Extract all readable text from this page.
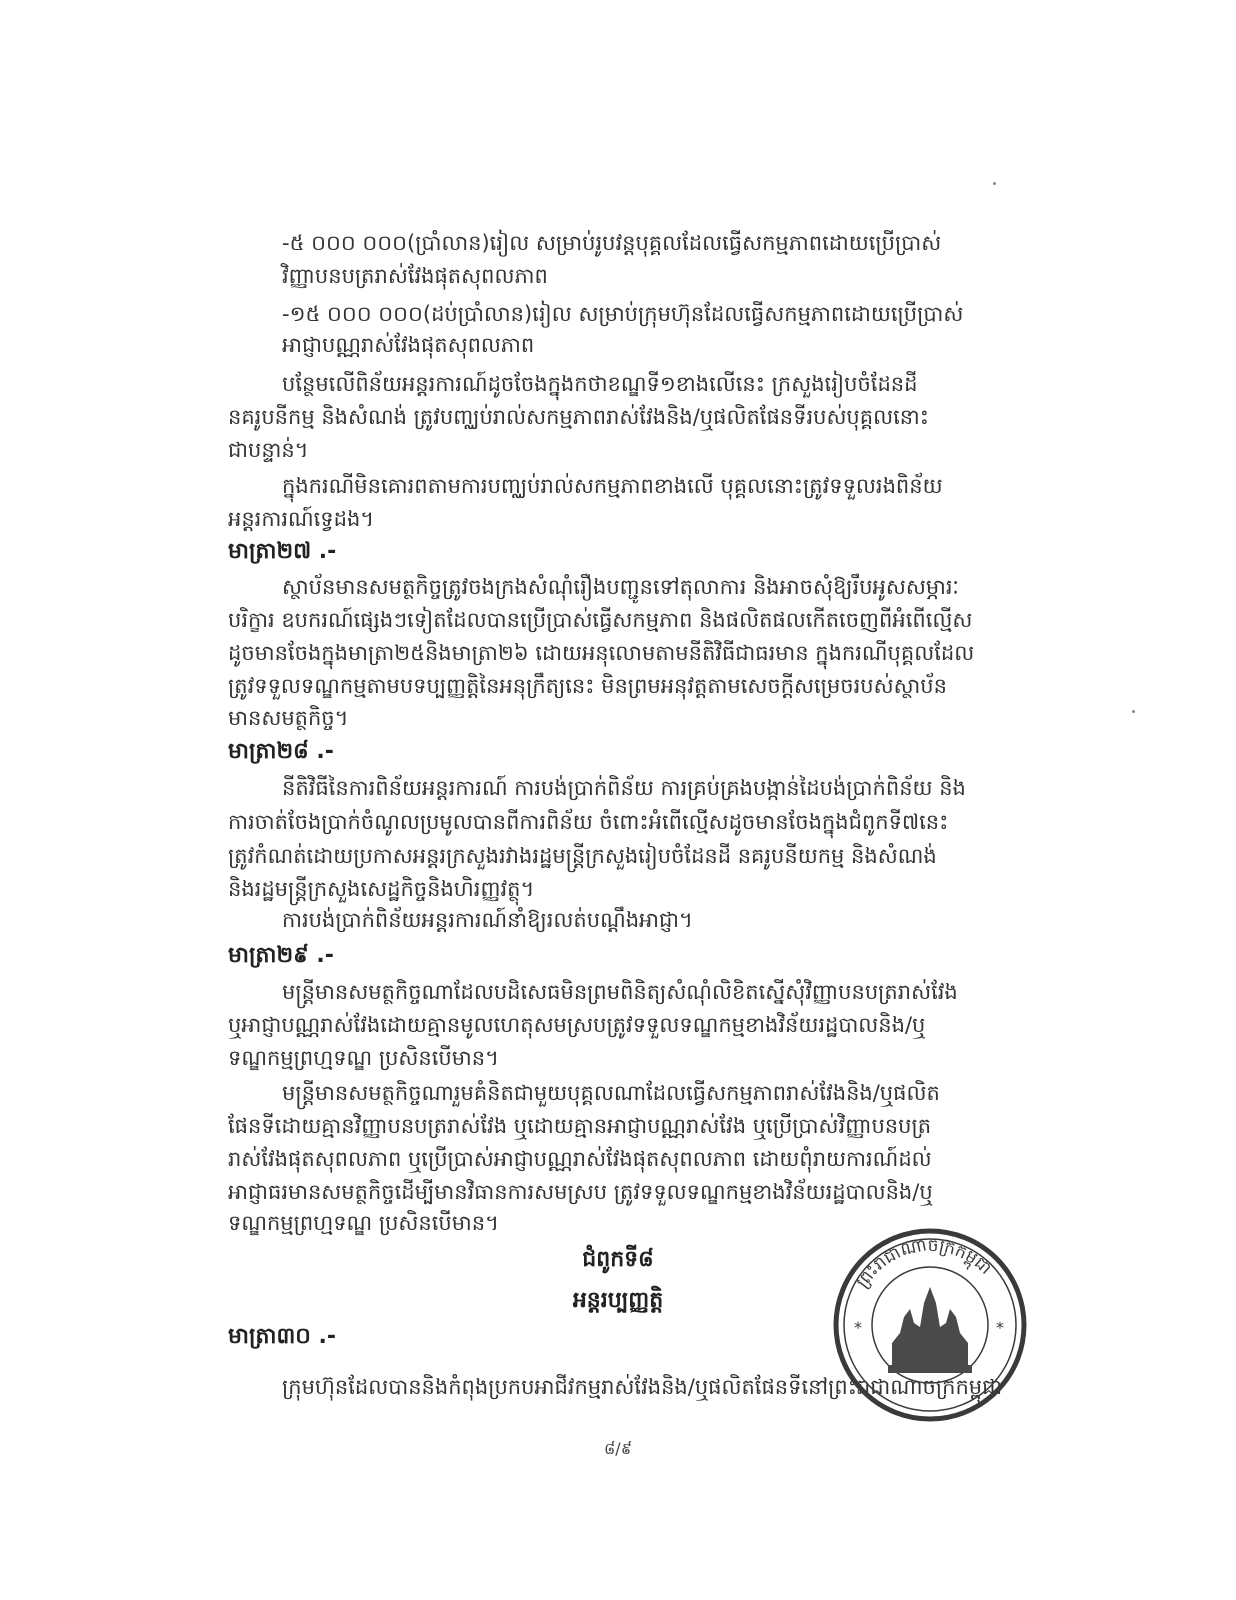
-៥ ០០០ ០០០(ប្រាំលាន)រៀល សម្រាប់រូបវន្តបុគ្គលដែលធ្វើសកម្មភាពដោយប្រើប្រាស់
វិញ្ញាបនបត្ររាស់វែងផុតសុពលភាព
-១៥ ០០០ ០០០(ដប់ប្រាំលាន)រៀល សម្រាប់ក្រុមហ៊ុនដែលធ្វើសកម្មភាពដោយប្រើប្រាស់
អាជ្ញាបណ្ណរាស់វែងផុតសុពលភាព
បន្ថែមលើពិន័យអន្តរការណ៍ដូចចែងក្នុងកថាខណ្ឌទី១ខាងលើនេះ ក្រសួងរៀបចំដែនដី
នគរូបនីកម្ម និងសំណង់ ត្រូវបញ្ឈប់រាល់សកម្មភាពរាស់វែងនិង/ឬផលិតផែនទីរបស់បុគ្គលនោះ
ជាបន្ទាន់។
ក្នុងករណីមិនគោរពតាមការបញ្ឈប់រាល់សកម្មភាពខាងលើ បុគ្គលនោះត្រូវទទួលរងពិន័យ
អន្តរការណ៍ទ្វេដង។
មាត្រា២៧ .-
ស្ថាប័នមានសមត្ថកិច្ចត្រូវចងក្រងសំណុំរឿងបញ្ជូនទៅតុលាការ និងអាចសុំឱ្យរឹបអូសសម្ភារៈ
បរិក្ខារ ឧបករណ៍ផ្សេងៗទៀតដែលបានប្រើប្រាស់ធ្វើសកម្មភាព និងផលិតផលកើតចេញពីអំពើល្មើស
ដូចមានចែងក្នុងមាត្រា២៥និងមាត្រា២៦ ដោយអនុលោមតាមនីតិវិធីជាធរមាន ក្នុងករណីបុគ្គលដែល
ត្រូវទទួលទណ្ឌកម្មតាមបទប្បញ្ញត្តិនៃអនុក្រឹត្យនេះ មិនព្រមអនុវត្តតាមសេចក្តីសម្រេចរបស់ស្ថាប័ន
មានសមត្ថកិច្ច។
មាត្រា២៨ .-
នីតិវិធីនៃការពិន័យអន្តរការណ៍ ការបង់ប្រាក់ពិន័យ ការគ្រប់គ្រងបង្កាន់ដៃបង់ប្រាក់ពិន័យ និង
ការចាត់ចែងប្រាក់ចំណូលប្រមូលបានពីការពិន័យ ចំពោះអំពើល្មើសដូចមានចែងក្នុងជំពូកទី៧នេះ
ត្រូវកំណត់ដោយប្រកាសអន្តរក្រសួងរវាងរដ្ឋមន្ត្រីក្រសួងរៀបចំដែនដី នគរូបនីយកម្ម និងសំណង់
និងរដ្ឋមន្ត្រីក្រសួងសេដ្ឋកិច្ចនិងហិរញ្ញវត្ថុ។
ការបង់ប្រាក់ពិន័យអន្តរការណ៍នាំឱ្យរលត់បណ្តឹងអាជ្ញា។
មាត្រា២៩ .-
មន្ត្រីមានសមត្ថកិច្ចណាដែលបដិសេធមិនព្រមពិនិត្យសំណុំលិខិតស្នើសុំវិញ្ញាបនបត្ររាស់វែង
ឬអាជ្ញាបណ្ណរាស់វែងដោយគ្មានមូលហេតុសមស្របត្រូវទទួលទណ្ឌកម្មខាងវិន័យរដ្ឋបាលនិង/ឬ
ទណ្ឌកម្មព្រហ្មទណ្ឌ ប្រសិនបើមាន។
មន្ត្រីមានសមត្ថកិច្ចណារួមគំនិតជាមួយបុគ្គលណាដែលធ្វើសកម្មភាពរាស់វែងនិង/ឬផលិត
ផែនទីដោយគ្មានវិញ្ញាបនបត្ររាស់វែង ឬដោយគ្មានអាជ្ញាបណ្ណរាស់វែង ឬប្រើប្រាស់វិញ្ញាបនបត្រ
រាស់វែងផុតសុពលភាព ឬប្រើប្រាស់អាជ្ញាបណ្ណរាស់វែងផុតសុពលភាព ដោយពុំរាយការណ៍ដល់
អាជ្ញាធរមានសមត្ថកិច្ចដើម្បីមានវិធានការសមស្រប ត្រូវទទួលទណ្ឌកម្មខាងវិន័យរដ្ឋបាលនិង/ឬ
ទណ្ឌកម្មព្រហ្មទណ្ឌ ប្រសិនបើមាន។
ជំពូកទី៨
អន្តរប្បញ្ញត្តិ
មាត្រា៣០ .-
ក្រុមហ៊ុនដែលបាននិងកំពុងប្រកបអាជីវកម្មរាស់វែងនិង/ឬផលិតផែនទីនៅព្រះរាជាណាចក្រកម្ពុជា
៨/៩
ព្រះរាជាណាចក្រកម្ពុជា
*	*
